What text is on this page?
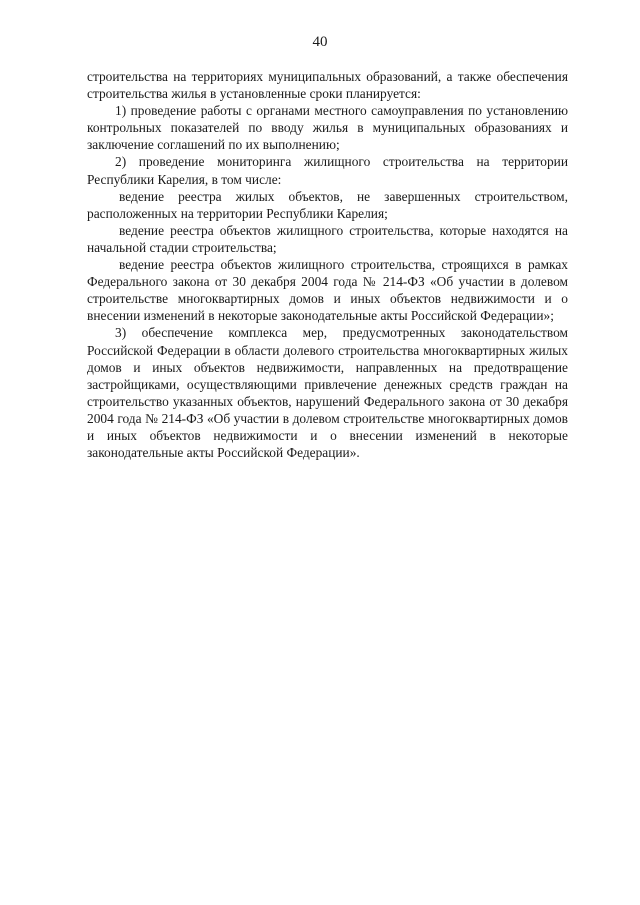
40

строительства на территориях муниципальных образований, а также обеспечения строительства жилья в установленные сроки планируется:

1) проведение работы с органами местного самоуправления по установлению контрольных показателей по вводу жилья в муниципальных образованиях и заключение соглашений по их выполнению;

2) проведение мониторинга жилищного строительства на территории Республики Карелия, в том числе:

ведение реестра жилых объектов, не завершенных строительством, расположенных на территории Республики Карелия;

ведение реестра объектов жилищного строительства, которые находятся на начальной стадии строительства;

ведение реестра объектов жилищного строительства, строящихся в рамках Федерального закона от 30 декабря 2004 года № 214-ФЗ «Об участии в долевом строительстве многоквартирных домов и иных объектов недвижимости и о внесении изменений в некоторые законодательные акты Российской Федерации»;

3) обеспечение комплекса мер, предусмотренных законодательством Российской Федерации в области долевого строительства многоквартирных жилых домов и иных объектов недвижимости, направленных на предотвращение застройщиками, осуществляющими привлечение денежных средств граждан на строительство указанных объектов, нарушений Федерального закона от 30 декабря 2004 года № 214-ФЗ «Об участии в долевом строительстве многоквартирных домов и иных объектов недвижимости и о внесении изменений в некоторые законодательные акты Российской Федерации».
